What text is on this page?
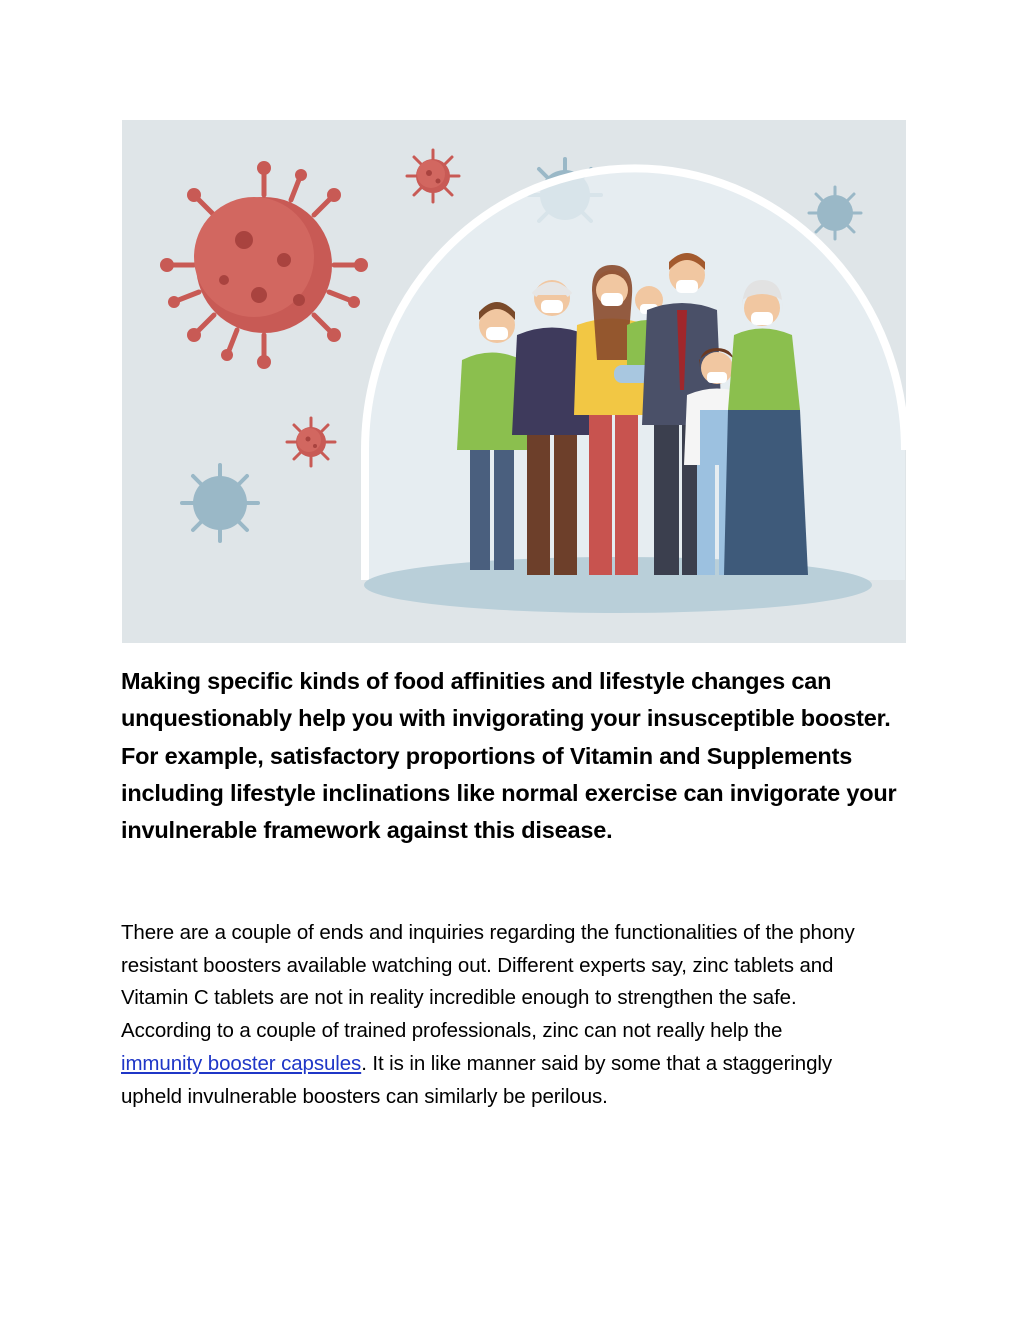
Making specific kinds of food affinities and lifestyle changes can
unquestionably help you with invigorating your insusceptible booster.
For example, satisfactory proportions of Vitamin and Supplements
including lifestyle inclinations like normal exercise can invigorate your
invulnerable framework against this disease.

There are a couple of ends and inquiries regarding the functionalities of the phony
resistant boosters available watching out. Different experts say, zinc tablets and
Vitamin C tablets are not in reality incredible enough to strengthen the safe.
According to a couple of trained professionals, zinc can not really help the
immunity booster capsules. It is in like manner said by some that a staggeringly
upheld invulnerable boosters can similarly be perilous.
